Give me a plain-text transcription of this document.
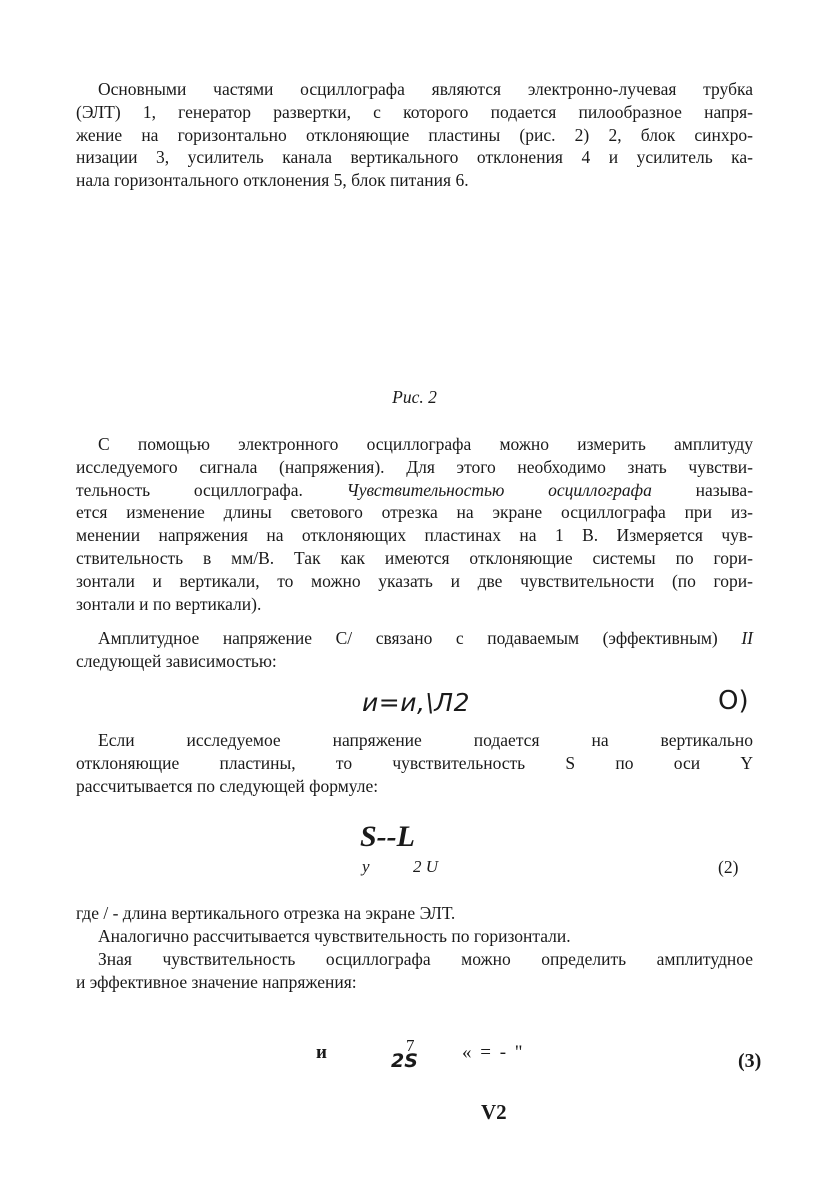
Основными частями осциллографа являются электронно-лучевая трубка
(ЭЛТ) 1, генератор развертки, с которого подается пилообразное напря-
жение на горизонтально отклоняющие пластины (рис. 2) 2, блок синхро-
низации 3, усилитель канала вертикального отклонения 4 и усилитель ка-
нала горизонтального отклонения 5, блок питания 6.
Рис. 2
С помощью электронного осциллографа можно измерить амплитуду
исследуемого сигнала (напряжения). Для этого необходимо знать чувстви-
тельность осциллографа.	Чувствительностью осциллографа	называ-
ется изменение длины светового отрезка на экране осциллографа при из-
менении напряжения на отклоняющих пластинах на 1 В. Измеряется чув-
ствительность в мм/В. Так как имеются отклоняющие системы по гори-
зонтали и вертикали, то можно указать и две чувствительности (по гори-
зонтали и по вертикали).
Амплитудное напряжение С/ связано с подаваемым (эффективным) II
следующей зависимостью:
и=и,\Л2	О)
Если исследуемое напряжение подается на вертикально
отклоняющие пластины, то чувствительность S по оси Y
рассчитывается по следующей формуле:
S--L
у	2 U	(2)
где / - длина вертикального отрезка на экране ЭЛТ.
Аналогично рассчитывается чувствительность по горизонтали.
Зная чувствительность осциллографа можно определить амплитудное
и эффективное значение напряжения:
и	7
2S « = - "	(3)
V2
